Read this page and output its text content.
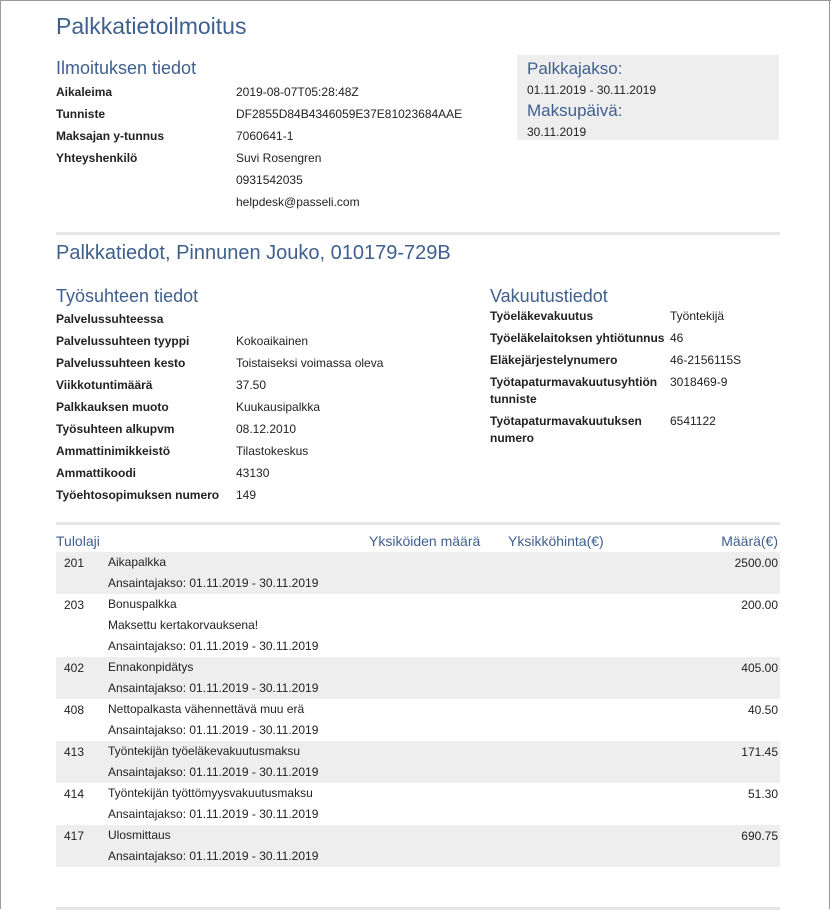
Palkkatietoilmoitus
Ilmoituksen tiedot
Aikaleima	2019-08-07T05:28:48Z
Tunniste	DF2855D84B4346059E37E81023684AAE
Maksajan y-tunnus	7060641-1
Yhteyshenkilö	Suvi Rosengren
0931542035
helpdesk@passeli.com
Palkkajakso:
01.11.2019 - 30.11.2019
Maksupäivä:
30.11.2019
Palkkatiedot, Pinnunen Jouko, 010179-729B
Työsuhteen tiedot
Palvelussuhteessa
Palvelussuhteen tyyppi	Kokoaikainen
Palvelussuhteen kesto	Toistaiseksi voimassa oleva
Viikkotuntimäärä	37.50
Palkkauksen muoto	Kuukausipalkka
Työsuhteen alkupvm	08.12.2010
Ammattinimikkeistö	Tilastokeskus
Ammattikoodi	43130
Työehtosopimuksen numero	149
Vakuutustiedot
Työeläkevakuutus	Työntekijä
Työeläkelaitoksen yhtiötunnus 46
Eläkejärjestelynumero	46-2156115S
Työtapaturmavakuutusyhtiön tunniste
3018469-9
Työtapaturmavakuutuksen numero
6541122
Tulolaji	Yksiköiden määrä Yksikköhinta(€)	Määrä(€)
201 Aikapalkka
Ansaintajakso: 01.11.2019 - 30.11.2019
2500.00
203 Bonuspalkka
Maksettu kertakorvauksena!
Ansaintajakso: 01.11.2019 - 30.11.2019
200.00
402 Ennakonpidätys
Ansaintajakso: 01.11.2019 - 30.11.2019
405.00
408 Nettopalkasta vähennettävä muu erä
Ansaintajakso: 01.11.2019 - 30.11.2019
40.50
413 Työntekijän työeläkevakuutusmaksu
Ansaintajakso: 01.11.2019 - 30.11.2019
171.45
414 Työntekijän työttömyysvakuutusmaksu
Ansaintajakso: 01.11.2019 - 30.11.2019
51.30
417 Ulosmittaus
Ansaintajakso: 01.11.2019 - 30.11.2019
690.75
